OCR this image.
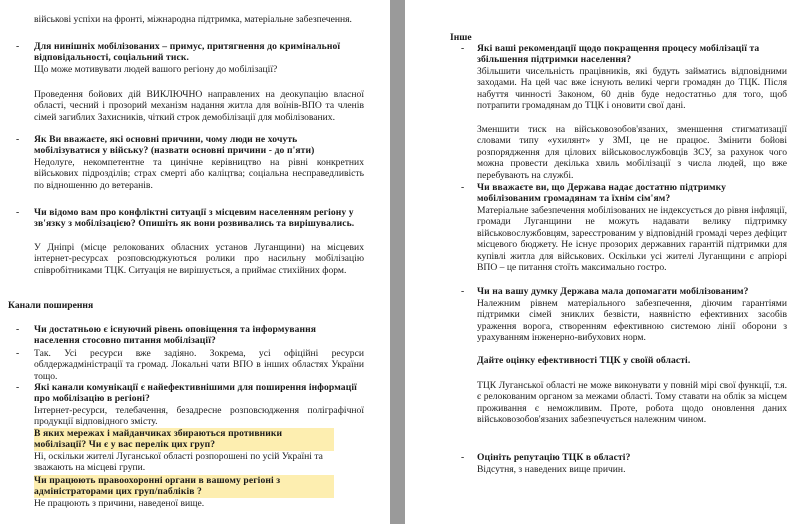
військові успіхи на фронті, міжнародна підтримка, матеріальне забезпечення.

- Для нинішніх мобілізованих – примус, притягнення до кримінальної відповідальності, соціальний тиск.

Що може мотивувати людей вашого регіону до мобілізації?

Проведення бойових дій ВИКЛЮЧНО направлених на деокупацію власної області, чесний і прозорий механізм надання житла для воїнів-ВПО та членів сімей загиблих Захисників, чіткий строк демобілізації для мобілізованих.

- Як Ви вважаєте, які основні причини, чому люди не хочуть мобілізуватися у війську? (назвати основні причини - до п'яти)

Недолуге, некомпетентне та цинічне керівництво на рівні конкретних військових підрозділів; страх смерті або каліцтва; соціальна несправедливість по відношенню до ветеранів.

- Чи відомо вам про конфліктні ситуації з місцевим населенням регіону у зв'язку з мобілізацією? Опишіть як вони розвивались та вирішувались.

У Дніпрі (місце релокованих обласних установ Луганщини) на місцевих інтернет-ресурсах розповсюджуються ролики про насильну мобілізацію співробітниками ТЦК. Ситуація не вирішується, а приймає стихійних форм.

Канали поширення

- Чи достатньою є існуючий рівень оповіщення та інформування населення стосовно питання мобілізації?

- Так. Усі ресурси вже задіяно. Зокрема, усі офіційні ресурси облдержадміністрації та громад. Локальні чати ВПО в інших областях України тощо.

- Які канали комунікації є найефективнішими для поширення інформації про мобілізацію в регіоні?

Інтернет-ресурси, телебачення, безадресне розповсюдження поліграфічної продукції відповідного змісту.

В яких мережах і майданчиках збираються противники мобілізації? Чи є у вас перелік цих груп?

Ні, оскільки жителі Луганської області розпорошені по усій Україні та зважають на місцеві групи.

Чи працюють правоохоронні органи в вашому регіоні з адміністраторами цих груп/пабліків ?

Не працюють з причини, наведеної вище.

Інше

- Які ваші рекомендації щодо покращення процесу мобілізації та збільшення підтримки населення?

Збільшити чисельність працівників, які будуть займатись відповідними заходами. На цей час вже існують великі черги громадян до ТЦК. Після набуття чинності Законом, 60 днів буде недостатньо для того, щоб потрапити громадянам до ТЦК і оновити свої дані.

Зменшити тиск на військовозобов'язаних, зменшення стигматизації словами типу «ухилянт» у ЗМІ, це не працює. Змінити бойові розпорядження для цілових військовослужбовців ЗСУ, за рахунок чого можна провести декілька хвиль мобілізації з числа людей, що вже перебувають на службі.

- Чи вважаєте ви, що Держава надає достатню підтримку мобілізованим громадянам та їхнім сім'ям?

Матеріальне забезпечення мобілізованих не індексується до рівня інфляції, громади Луганщини не можуть надавати велику підтримку військовослужбовцям, зареєстрованим у відповідній громаді через дефіцит місцевого бюджету. Не існує прозорих державних гарантій підтримки для купівлі житла для військових. Оскільки усі жителі Луганщини є апріорі ВПО – це питання стоїть максимально гостро.

- Чи на вашу думку Держава мала допомагати мобілізованим?

Належним рівнем матеріального забезпечення, діючим гарантіями підтримки сімей зниклих безвісти, наявністю ефективних засобів ураження ворога, створенням ефективною системою лінії оборони з урахуванням інженерно-вибухових норм.

Дайте оцінку ефективності ТЦК у своїй області.

ТЦК Луганської області не може виконувати у повній мірі свої функції, т.я. є релокованим органом за межами області. Тому ставати на облік за місцем проживання є неможливим. Проте, робота щодо оновлення даних військовозобов'язаних забезпечується належним чином.

- Оцініть репутацію ТЦК в області?

Відсутня, з наведених вище причин.
